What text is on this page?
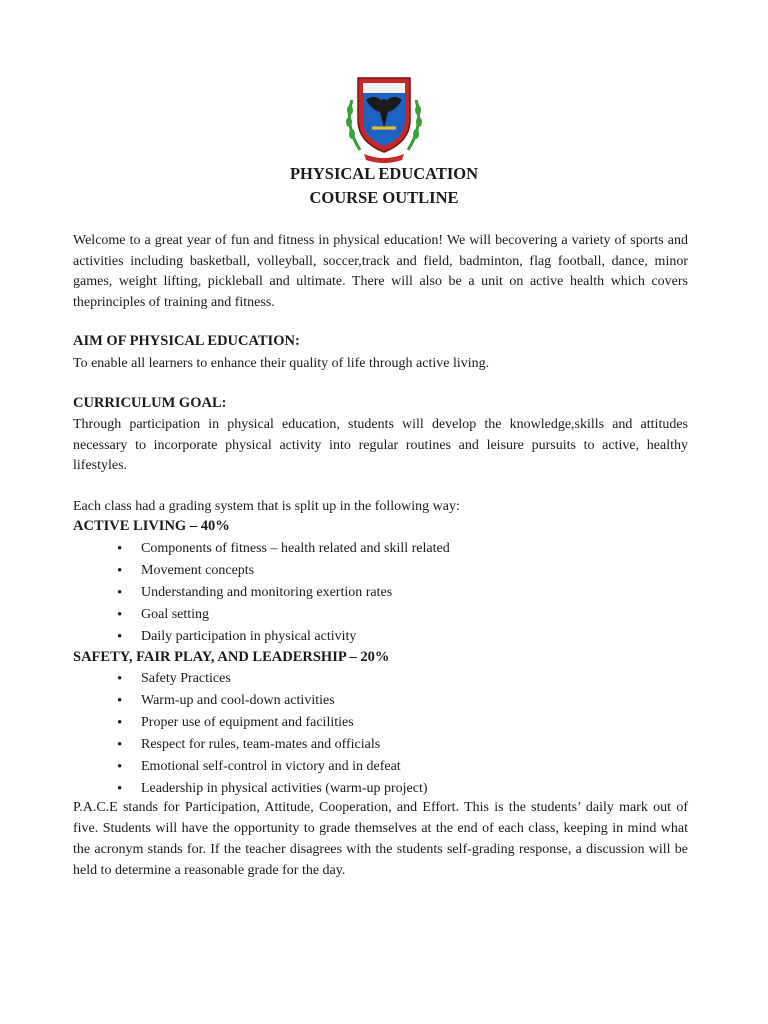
PHYSICAL EDUCATION
COURSE OUTLINE

Welcome to a great year of fun and fitness in physical education! We will becovering a variety of sports and activities including basketball, volleyball, soccer,track and field, badminton, flag football, dance, minor games, weight lifting, pickleball and ultimate. There will also be a unit on active health which covers theprinciples of training and fitness.

AIM OF PHYSICAL EDUCATION:

To enable all learners to enhance their quality of life through active living.

CURRICULUM GOAL:

Through participation in physical education, students will develop the knowledge,skills and attitudes necessary to incorporate physical activity into regular routines and leisure pursuits to active, healthy lifestyles.

Each class had a grading system that is split up in the following way:

ACTIVE LIVING – 40%
• Components of fitness – health related and skill related
• Movement concepts
• Understanding and monitoring exertion rates
• Goal setting
• Daily participation in physical activity
SAFETY, FAIR PLAY, AND LEADERSHIP – 20%
• Safety Practices
• Warm-up and cool-down activities
• Proper use of equipment and facilities
• Respect for rules, team-mates and officials
• Emotional self-control in victory and in defeat
• Leadership in physical activities (warm-up project)

P.A.C.E stands for Participation, Attitude, Cooperation, and Effort. This is the students’ daily mark out of five. Students will have the opportunity to grade themselves at the end of each class, keeping in mind what the acronym stands for. If the teacher disagrees with the students self-grading response, a discussion will be held to determine a reasonable grade for the day.
